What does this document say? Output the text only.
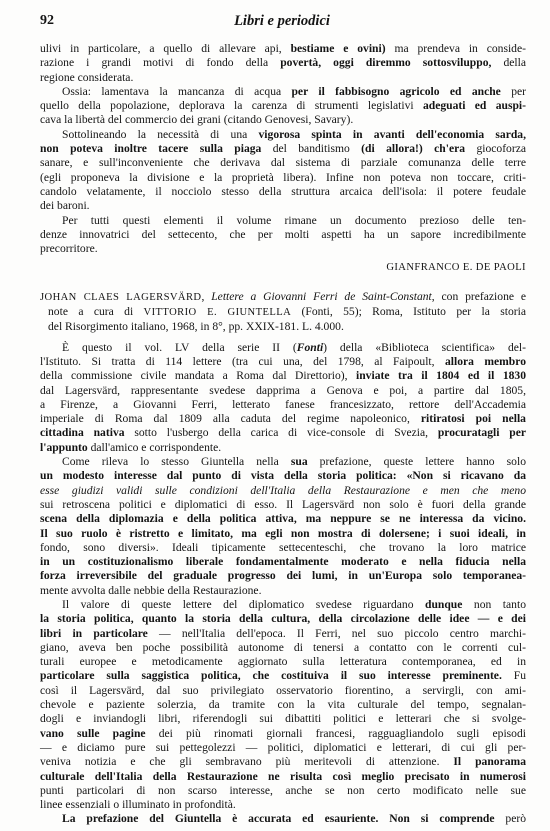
92	Libri e periodici
ulivi in particolare, a quello di allevare api, bestiame e ovini) ma prendeva in conside-
razione i grandi motivi di fondo della povertà, oggi diremmo sottosviluppo, della
regione considerata.
Ossia: lamentava la mancanza di acqua per il fabbisogno agricolo ed anche per
quello della popolazione, deplorava la carenza di strumenti legislativi adeguati ed auspi-
cava la libertà del commercio dei grani (citando Genovesi, Savary).
Sottolineando la necessità di una vigorosa spinta in avanti dell'economia sarda,
non poteva inoltre tacere sulla piaga del banditismo (di allora!) ch'era giocoforza
sanare, e sull'inconveniente che derivava dal sistema di parziale comunanza delle terre
(egli proponeva la divisione e la proprietà libera). Infine non poteva non toccare, criti-
candolo velatamente, il nocciolo stesso della struttura arcaica dell'isola: il potere feudale
dei baroni.
Per tutti questi elementi il volume rimane un documento prezioso delle ten-
denze innovatrici del settecento, che per molti aspetti ha un sapore incredibilmente
precorritore.
GIANFRANCO E. DE PAOLI
JOHAN CLAES LAGERSVÄRD, Lettere a Giovanni Ferri de Saint-Constant, con prefazione e
note a cura di VITTORIO E. GIUNTELLA (Fonti, 55); Roma, Istituto per la storia
del Risorgimento italiano, 1968, in 8°, pp. XXIX-181. L. 4.000.
È questo il vol. LV della serie II (Fonti) della «Biblioteca scientifica» del-
l'Istituto. Si tratta di 114 lettere (tra cui una, del 1798, al Faipoult, allora membro
della commissione civile mandata a Roma dal Direttorio), inviate tra il 1804 ed il 1830
dal Lagersvärd, rappresentante svedese dapprima a Genova e poi, a partire dal 1805,
a Firenze, a Giovanni Ferri, letterato fanese francesizzato, rettore dell'Accademia
imperiale di Roma dal 1809 alla caduta del regime napoleonico, ritiratosi poi nella
cittadina nativa sotto l'usbergo della carica di vice-console di Svezia, procuratagli per
l'appunto dall'amico e corrispondente.
Come rileva lo stesso Giuntella nella sua prefazione, queste lettere hanno solo
un modesto interesse dal punto di vista della storia politica: «Non si ricavano da
esse giudizi validi sulle condizioni dell'Italia della Restaurazione e men che meno
sui retroscena politici e diplomatici di esso. Il Lagersvärd non solo è fuori della grande
scena della diplomazia e della politica attiva, ma neppure se ne interessa da vicino.
Il suo ruolo è ristretto e limitato, ma egli non mostra di dolersene; i suoi ideali, in
fondo, sono diversi». Ideali tipicamente settecenteschi, che trovano la loro matrice
in un costituzionalismo liberale fondamentalmente moderato e nella fiducia nella
forza irreversibile del graduale progresso dei lumi, in un'Europa solo temporanea-
mente avvolta dalle nebbie della Restaurazione.
Il valore di queste lettere del diplomatico svedese riguardano dunque non tanto
la storia politica, quanto la storia della cultura, della circolazione delle idee — e dei
libri in particolare — nell'Italia dell'epoca. Il Ferri, nel suo piccolo centro marchi-
giano, aveva ben poche possibilità autonome di tenersi a contatto con le correnti cul-
turali europee e metodicamente aggiornato sulla letteratura contemporanea, ed in
particolare sulla saggistica politica, che costituiva il suo interesse preminente. Fu
così il Lagersvärd, dal suo privilegiato osservatorio fiorentino, a servirgli, con ami-
chevole e paziente solerzia, da tramite con la vita culturale del tempo, segnalan-
dogli e inviandogli libri, riferendogli sui dibattiti politici e letterari che si svolge-
vano sulle pagine dei più rinomati giornali francesi, ragguagliandolo sugli episodi
— e diciamo pure sui pettegolezzi — politici, diplomatici e letterari, di cui gli per-
veniva notizia e che gli sembravano più meritevoli di attenzione. Il panorama
culturale dell'Italia della Restaurazione ne risulta così meglio precisato in numerosi
punti particolari di non scarso interesse, anche se non certo modificato nelle sue
linee essenziali o illuminato in profondità.
La prefazione del Giuntella è accurata ed esauriente. Non si comprende però
